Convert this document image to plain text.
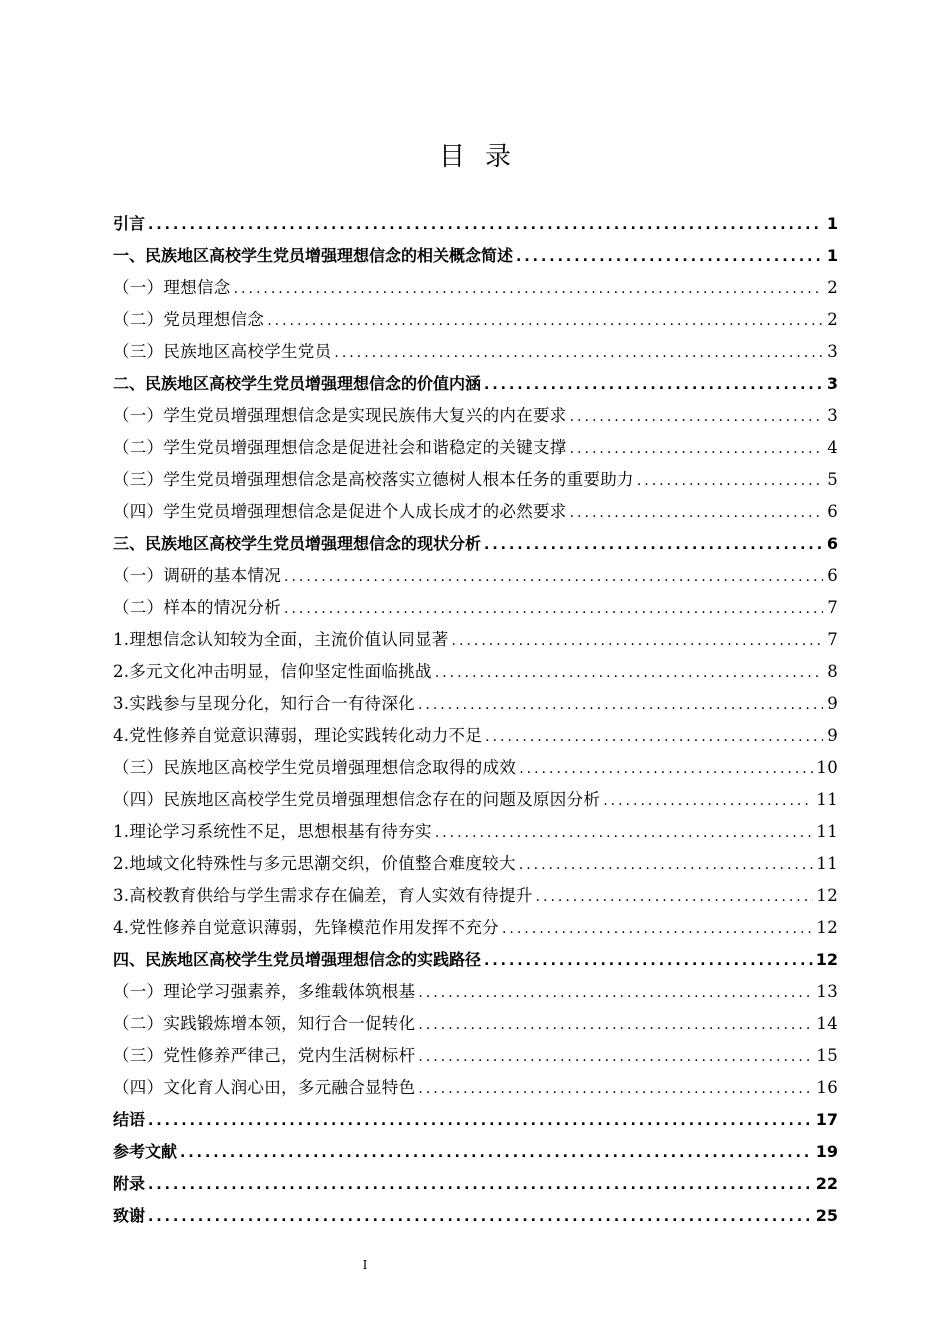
目录
引言 .....	1
一、民族地区高校学生党员增强理想信念的相关概念简述 .....	1
（一）理想信念 .....	2
（二）党员理想信念 .....	2
（三）民族地区高校学生党员 .....	3
二、民族地区高校学生党员增强理想信念的价值内涵 .....	3
（一）学生党员增强理想信念是实现民族伟大复兴的内在要求 .....	3
（二）学生党员增强理想信念是促进社会和谐稳定的关键支撑 .....	4
（三）学生党员增强理想信念是高校落实立德树人根本任务的重要助力 .....	5
（四）学生党员增强理想信念是促进个人成长成才的必然要求 .....	6
三、民族地区高校学生党员增强理想信念的现状分析 .....	6
（一）调研的基本情况 .....	6
（二）样本的情况分析 .....	7
1.理想信念认知较为全面，主流价值认同显著 .....	7
2.多元文化冲击明显，信仰坚定性面临挑战 .....	8
3.实践参与呈现分化，知行合一有待深化 .....	9
4.党性修养自觉意识薄弱，理论实践转化动力不足 .....	9
（三）民族地区高校学生党员增强理想信念取得的成效 .....	10
（四）民族地区高校学生党员增强理想信念存在的问题及原因分析 .....	11
1.理论学习系统性不足，思想根基有待夯实 .....	11
2.地域文化特殊性与多元思潮交织，价值整合难度较大 .....	11
3.高校教育供给与学生需求存在偏差，育人实效有待提升 .....	12
4.党性修养自觉意识薄弱，先锋模范作用发挥不充分 .....	12
四、民族地区高校学生党员增强理想信念的实践路径 .....	12
（一）理论学习强素养，多维载体筑根基 .....	13
（二）实践锻炼增本领，知行合一促转化 .....	14
（三）党性修养严律己，党内生活树标杆 .....	15
（四）文化育人润心田，多元融合显特色 .....	16
结语 .....	17
参考文献 .....	19
附录 .....	22
致谢 .....	25
I
